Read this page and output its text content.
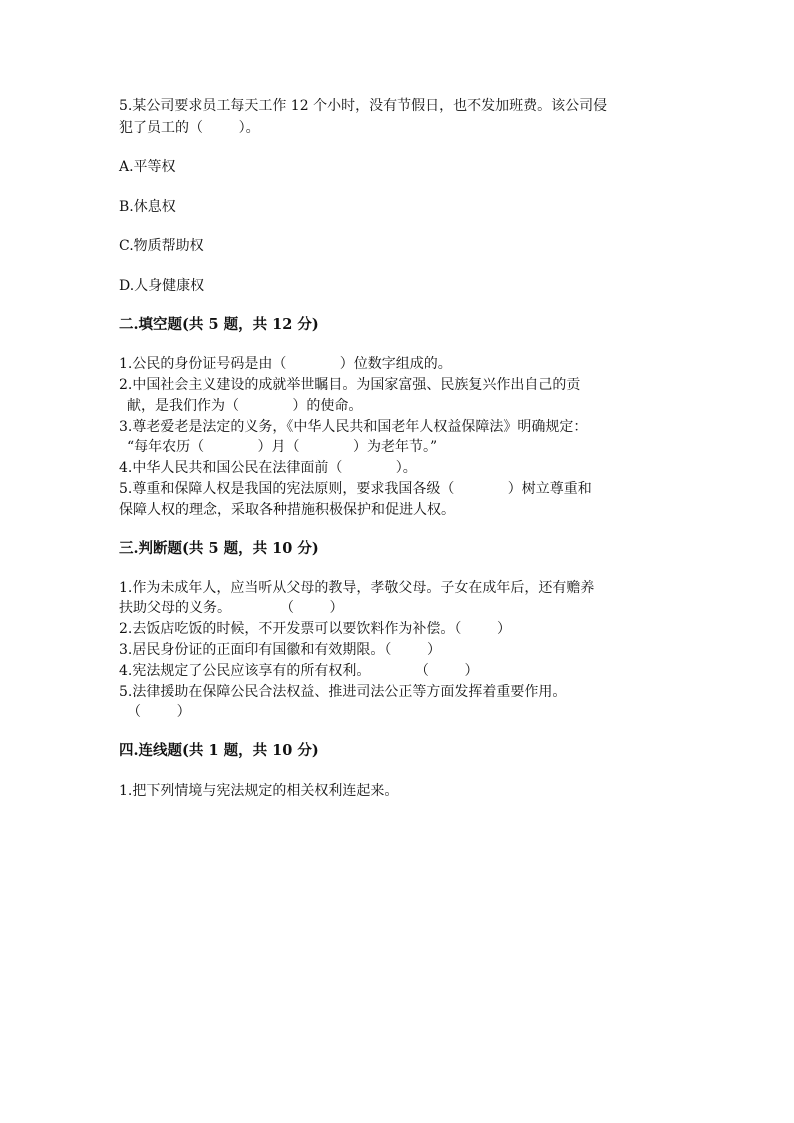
5.某公司要求员工每天工作 12 个小时，没有节假日，也不发加班费。该公司侵
犯了员工的（        ）。
A.平等权
B.休息权
C.物质帮助权
D.人身健康权
二.填空题(共 5 题，共 12 分)
1.公民的身份证号码是由（            ）位数字组成的。
2.中国社会主义建设的成就举世瞩目。为国家富强、民族复兴作出自己的贡
献，是我们作为（            ）的使命。
3.尊老爱老是法定的义务，《中华人民共和国老年人权益保障法》明确规定：
“每年农历（            ）月（            ）为老年节。”
4.中华人民共和国公民在法律面前（            ）。
5.尊重和保障人权是我国的宪法原则，要求我国各级（            ）树立尊重和
保障人权的理念，采取各种措施积极保护和促进人权。
三.判断题(共 5 题，共 10 分)
1.作为未成年人，应当听从父母的教导，孝敬父母。子女在成年后，还有赡养
扶助父母的义务。           （        ）
2.去饭店吃饭的时候，不开发票可以要饮料作为补偿。（        ）
3.居民身份证的正面印有国徽和有效期限。（        ）
4.宪法规定了公民应该享有的所有权利。          （        ）
5.法律援助在保障公民合法权益、推进司法公正等方面发挥着重要作用。
（        ）
四.连线题(共 1 题，共 10 分)
1.把下列情境与宪法规定的相关权利连起来。
